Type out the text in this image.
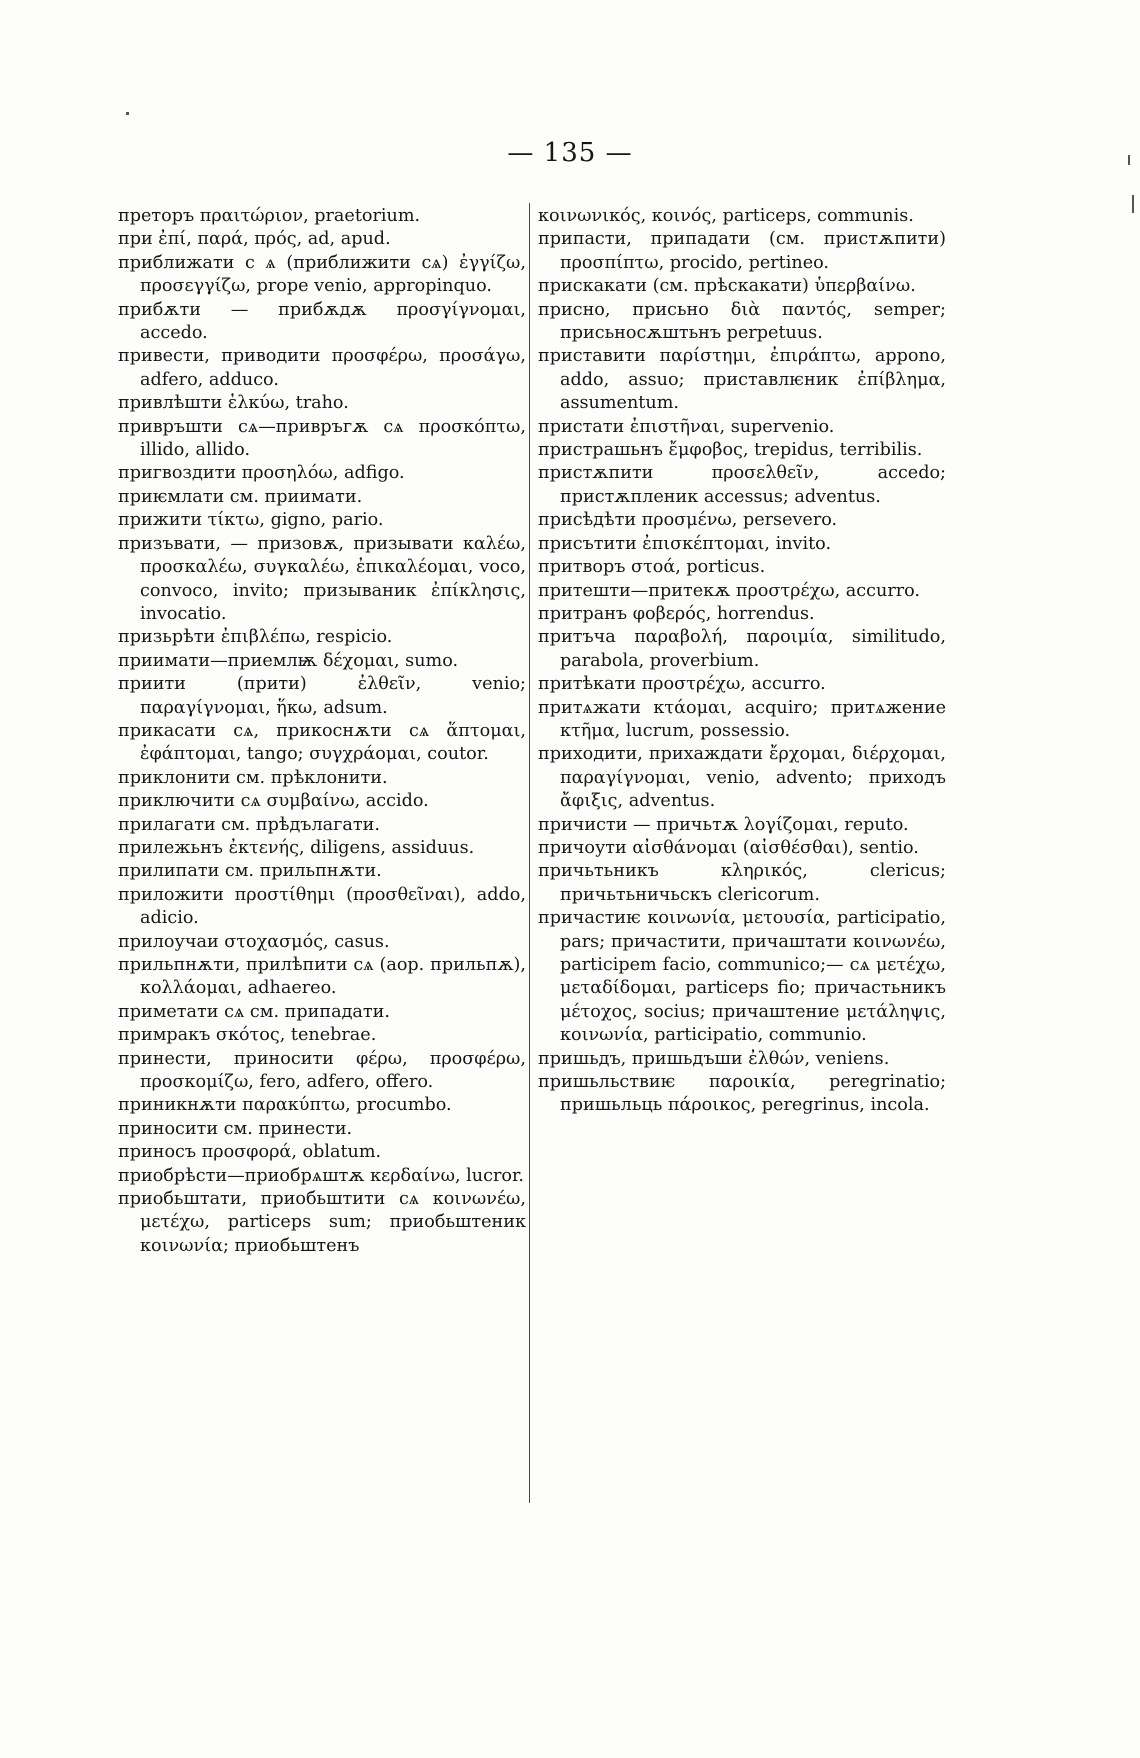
— 135 —

преторъ πραιτώριον, praetorium.

при ἐπί, παρά, πρός, ad, apud.

приближати с ѧ (приближити сѧ) ἐγγίζω, προσεγγίζω, prope venio, appropinquo.

прибѫти — прибѫдѫ προσγίγνομαι, accedo.

привести, приводити προσφέρω, προσάγω, adfero, adduco.

привлѣшти ἑλκύω, traho.

привръшти сѧ—привръгѫ сѧ προσκόπτω, illido, allido.

пригвоздити προσηλόω, adfigo.

приѥмлати см. приимати.

прижити τίκτω, gigno, pario.

призъвати, — призовѫ, призывати καλέω, προσκαλέω, συγκαλέω, ἐπικαλέομαι, voco, convoco, invito; призываник ἐπίκλησις, invocatio.

призьрѣти ἐπιβλέπω, respicio.

приимати—приемлѭ δέχομαι, sumo.

приити (прити) ἐλθεῖν, venio; παραγίγνομαι, ἥκω, adsum.

прикасати сѧ, прикоснѫти сѧ ἅπτομαι, ἐφάπτομαι, tango; συγχράομαι, coutor.

приклонити см. прѣклонити.

приключити сѧ συμβαίνω, accido.

прилагати см. прѣдълагати.

прилежьнъ ἐκτενής, diligens, assiduus.

прилипати см. прильпнѫти.

приложити προστίθημι (προσθεῖναι), addo, adicio.

прилоучаи στοχασμός, casus.

прильпнѫти, прилѣпити сѧ (аор. прильпѫ), κολλάομαι, adhaereo.

приметати сѧ см. припадати.

примракъ σκότος, tenebrae.

принести, приносити φέρω, προσφέρω, προσκομίζω, fero, adfero, offero.

приникнѫти παρακύπτω, procumbo.

приносити см. принести.

приносъ προσφορά, oblatum.

приобрѣсти—приобрѧштѫ κερδαίνω, lucror.

приобьштати, приобьштити сѧ κοινωνέω, μετέχω, particeps sum; приобьштеник κοινωνία; приобьштенъ

κοινωνικός, κοινός, particeps, communis.

припасти, припадати (см. пристѫпити) προσπίπτω, procido, pertineo.

прискакати (см. прѣскакати) ὑπερβαίνω.

присно, присьно διὰ παντός, semper; присьносѫштьнъ perpetuus.

приставити παρίστημι, ἐπιράπτω, appono, addo, assuo; приставлѥник ἐπίβλημα, assumentum.

пристати ἐπιστῆναι, supervenio.

пристрашьнъ ἔμφοβος, trepidus, terribilis.

пристѫпити προσελθεῖν, accedo; пристѫпленик accessus; adventus.

присѣдѣти προσμένω, persevero.

присътити ἐπισκέπτομαι, invito.

притворъ στοά, porticus.

притешти—притекѫ προστρέχω, accurro.

притранъ φοβερός, horrendus.

притъча παραβολή, παροιμία, similitudo, parabola, proverbium.

притѣкати προστρέχω, accurro.

притѧжати κτάομαι, acquiro; притѧжение κτῆμα, lucrum, possessio.

приходити, прихаждати ἔρχομαι, διέρχομαι, παραγίγνομαι, venio, advento; приходъ ἄφιξις, adventus.

причисти — причьтѫ λογίζομαι, reputo.

причоути αἰσθάνομαι (αἰσθέσθαι), sentio.

причьтьникъ κληρικός, clericus; причьтьничьскъ clericorum.

причастиѥ κοινωνία, μετουσία, participatio, pars; причастити, причаштати κοινωνέω, participem facio, communico;— сѧ μετέχω, μεταδίδομαι, particeps fio; причастьникъ μέτοχος, socius; причаштение μετάληψις, κοινωνία, participatio, communio.

пришьдъ, пришьдъши ἐλθών, veniens.

пришьльствиѥ παροικία, peregrinatio; пришьльць πάροικος, peregrinus, incola.
